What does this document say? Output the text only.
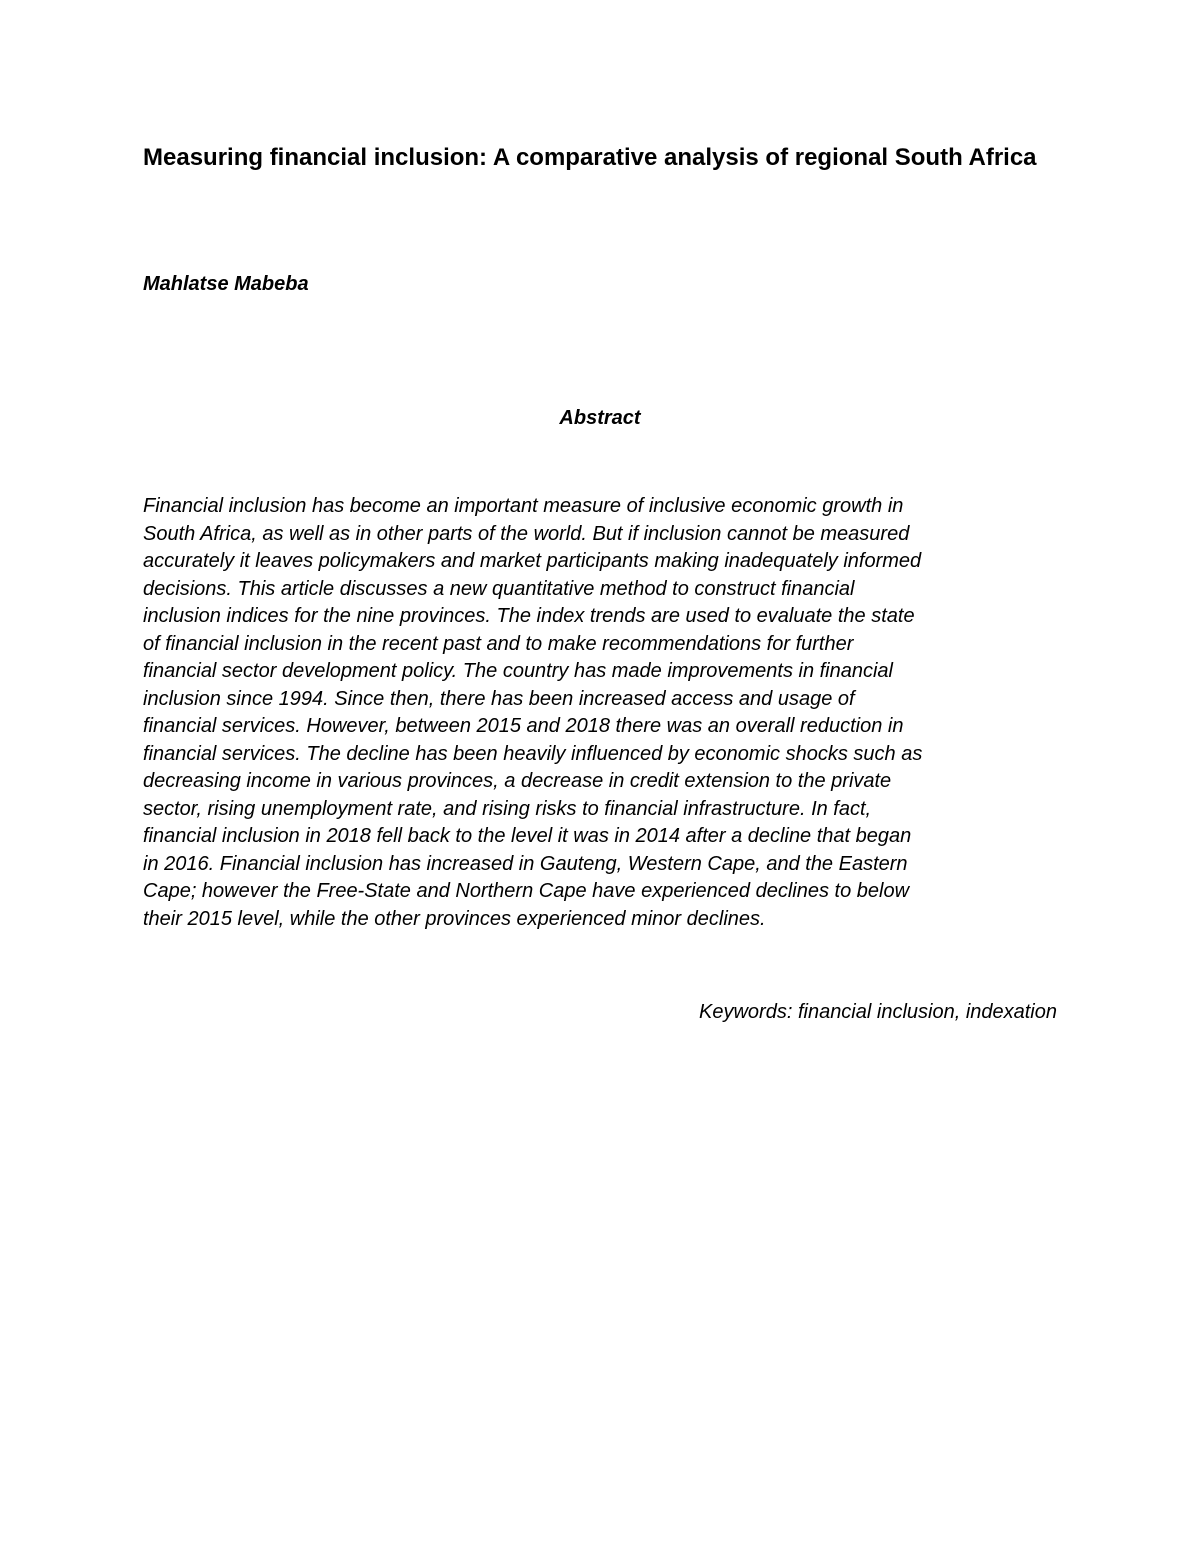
Measuring financial inclusion: A comparative analysis of regional South Africa

Mahlatse Mabeba

Abstract
Financial inclusion has become an important measure of inclusive economic growth in
South Africa, as well as in other parts of the world. But if inclusion cannot be measured
accurately it leaves policymakers and market participants making inadequately informed
decisions. This article discusses a new quantitative method to construct financial
inclusion indices for the nine provinces. The index trends are used to evaluate the state
of financial inclusion in the recent past and to make recommendations for further
financial sector development policy. The country has made improvements in financial
inclusion since 1994. Since then, there has been increased access and usage of
financial services. However, between 2015 and 2018 there was an overall reduction in
financial services. The decline has been heavily influenced by economic shocks such as
decreasing income in various provinces, a decrease in credit extension to the private
sector, rising unemployment rate, and rising risks to financial infrastructure. In fact,
financial inclusion in 2018 fell back to the level it was in 2014 after a decline that began
in 2016. Financial inclusion has increased in Gauteng, Western Cape, and the Eastern
Cape; however the Free-State and Northern Cape have experienced declines to below
their 2015 level, while the other provinces experienced minor declines.

Keywords: financial inclusion, indexation
